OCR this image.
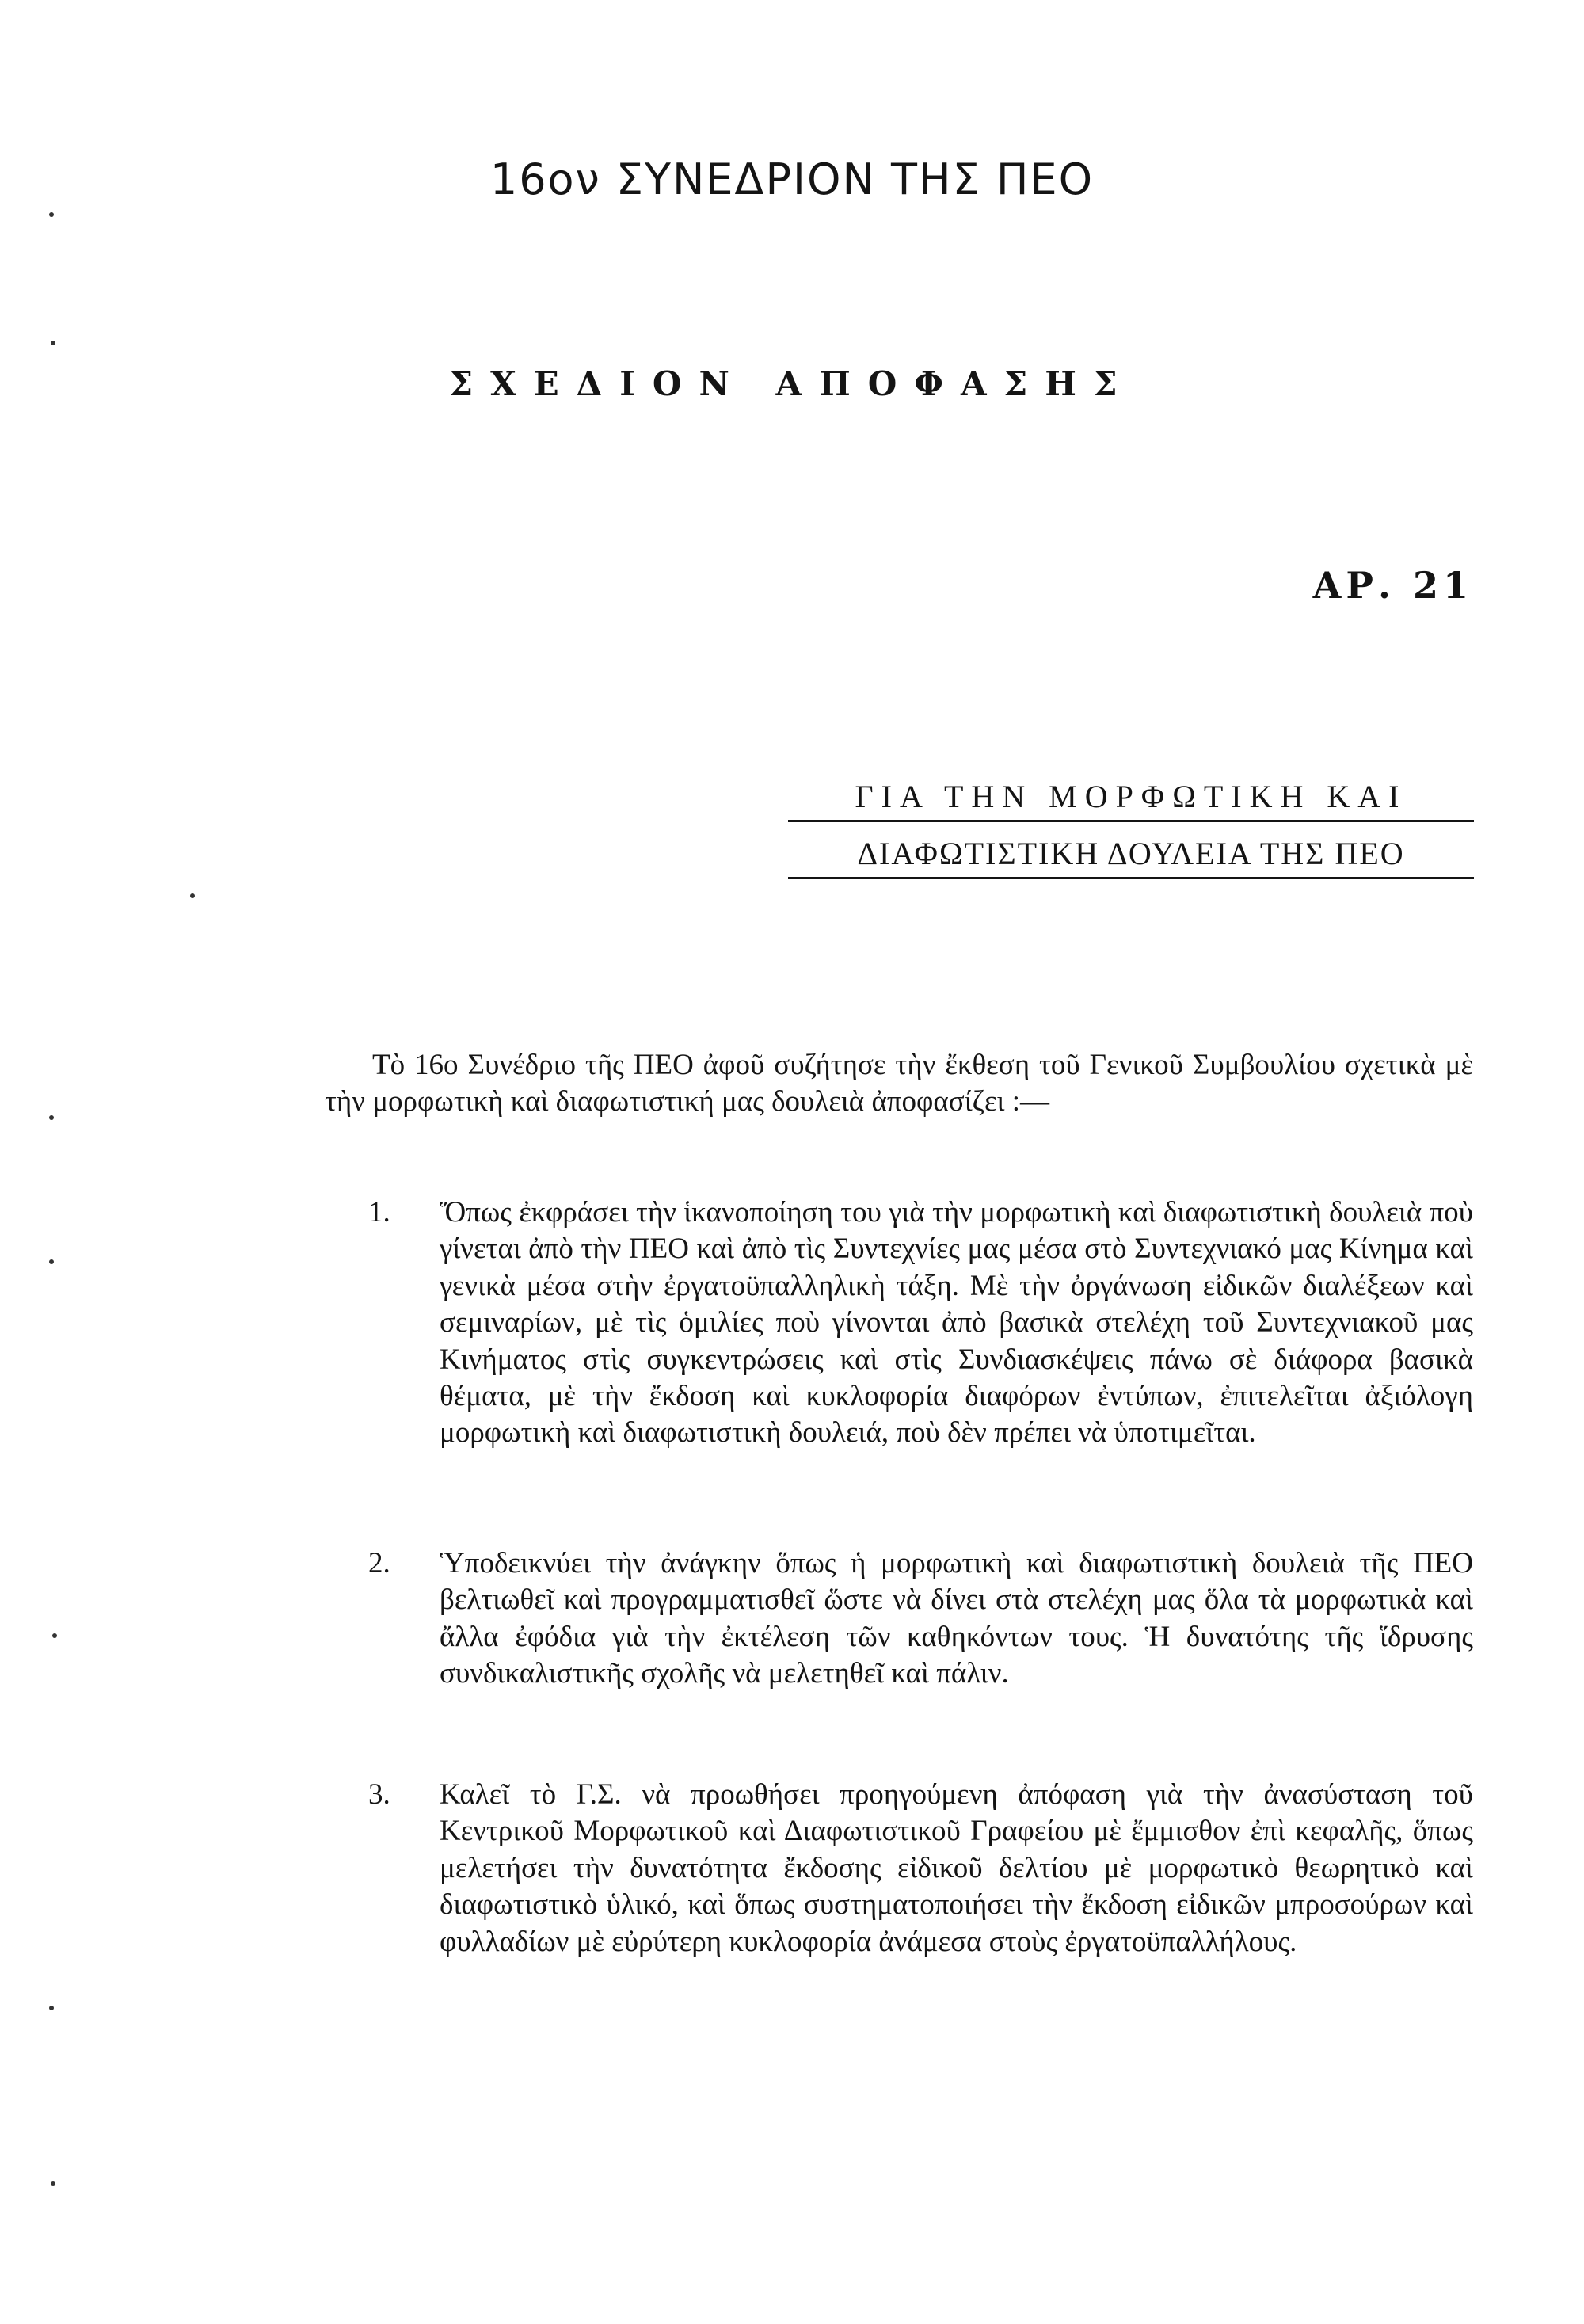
16ον ΣΥΝΕΔΡΙΟΝ ΤΗΣ ΠΕΟ
ΣΧΕΔΙΟΝ ΑΠΟΦΑΣΗΣ
ΑΡ. 21
ΓΙΑ ΤΗΝ ΜΟΡΦΩΤΙΚΗ ΚΑΙ
ΔΙΑΦΩΤΙΣΤΙΚΗ ΔΟΥΛΕΙΑ ΤΗΣ ΠΕΟ
Τὸ 16ο Συνέδριο τῆς ΠΕΟ ἀφοῦ συζήτησε τὴν ἔκθεση τοῦ Γενικοῦ Συμβουλίου σχετικὰ μὲ τὴν μορφωτικὴ καὶ διαφωτιστική μας δουλειὰ ἀποφασίζει :—
1.	Ὅπως ἐκφράσει τὴν ἱκανοποίηση του γιὰ τὴν μορφωτικὴ καὶ διαφωτιστικὴ δουλειὰ ποὺ γίνεται ἀπὸ τὴν ΠΕΟ καὶ ἀπὸ τὶς Συντεχνίες μας μέσα στὸ Συντεχνιακό μας Κίνημα καὶ γενικὰ μέσα στὴν ἐργατοϋπαλληλικὴ τάξη. Μὲ τὴν ὀργάνωση εἰδικῶν διαλέξεων καὶ σεμιναρίων, μὲ τὶς ὁμιλίες ποὺ γίνονται ἀπὸ βασικὰ στελέχη τοῦ Συντεχνιακοῦ μας Κινήματος στὶς συγκεντρώσεις καὶ στὶς Συνδιασκέψεις πάνω σὲ διάφορα βασικὰ θέματα, μὲ τὴν ἔκδοση καὶ κυκλοφορία διαφόρων ἐντύπων, ἐπιτελεῖται ἀξιόλογη μορφωτικὴ καὶ διαφωτιστικὴ δουλειά, ποὺ δὲν πρέπει νὰ ὑποτιμεῖται.
2.	Ὑποδεικνύει τὴν ἀνάγκην ὅπως ἡ μορφωτικὴ καὶ διαφωτιστικὴ δουλειὰ τῆς ΠΕΟ βελτιωθεῖ καὶ προγραμματισθεῖ ὥστε νὰ δίνει στὰ στελέχη μας ὅλα τὰ μορφωτικὰ καὶ ἄλλα ἐφόδια γιὰ τὴν ἐκτέλεση τῶν καθηκόντων τους. Ἡ δυνατότης τῆς ἵδρυσης συνδικαλιστικῆς σχολῆς νὰ μελετηθεῖ καὶ πάλιν.
3.	Καλεῖ τὸ Γ.Σ. νὰ προωθήσει προηγούμενη ἀπόφαση γιὰ τὴν ἀνασύσταση τοῦ Κεντρικοῦ Μορφωτικοῦ καὶ Διαφωτιστικοῦ Γραφείου μὲ ἔμμισθον ἐπὶ κεφαλῆς, ὅπως μελετήσει τὴν δυνατότητα ἔκδοσης εἰδικοῦ δελτίου μὲ μορφωτικὸ θεωρητικὸ καὶ διαφωτιστικὸ ὑλικό, καὶ ὅπως συστηματοποιήσει τὴν ἔκδοση εἰδικῶν μπροσούρων καὶ φυλλαδίων μὲ εὐρύτερη κυκλοφορία ἀνάμεσα στοὺς ἐργατοϋπαλλήλους.
